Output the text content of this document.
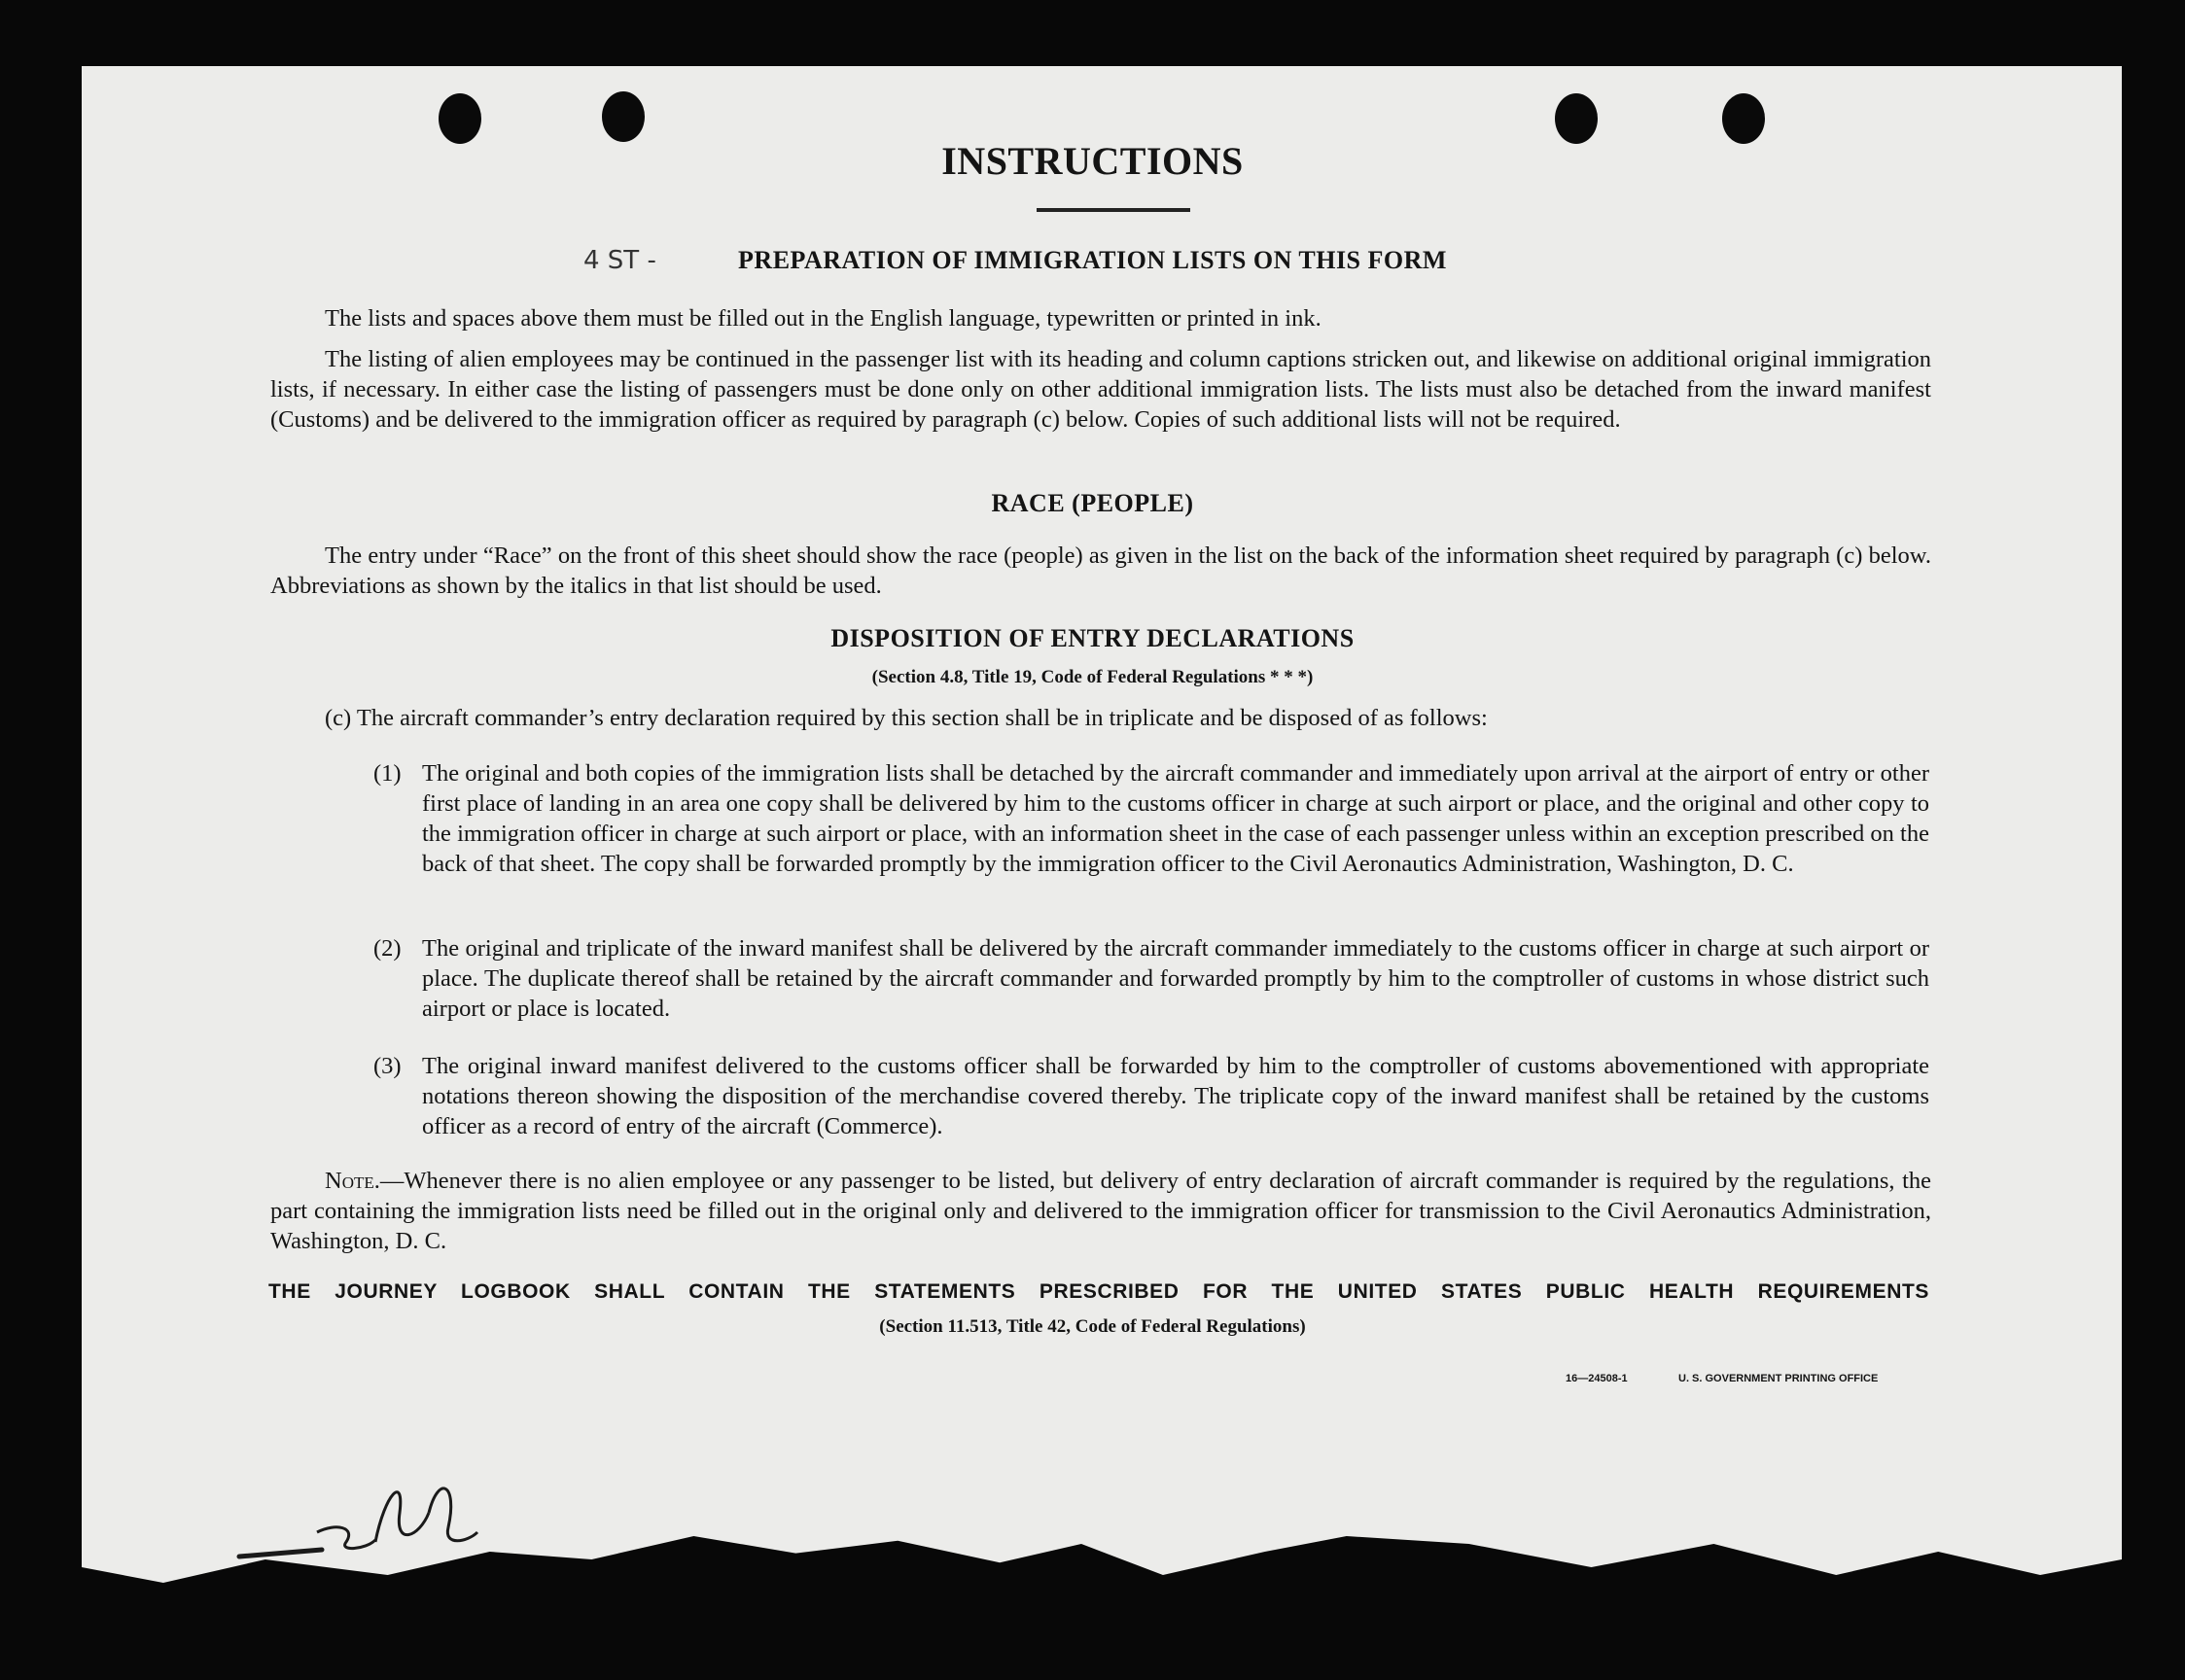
INSTRUCTIONS
4 ST -	PREPARATION OF IMMIGRATION LISTS ON THIS FORM
The lists and spaces above them must be filled out in the English language, typewritten or printed in ink.
The listing of alien employees may be continued in the passenger list with its heading and column captions stricken out, and likewise on additional original immigration lists, if necessary. In either case the listing of passengers must be done only on other additional immigration lists. The lists must also be detached from the inward manifest (Customs) and be delivered to the immigration officer as required by paragraph (c) below. Copies of such additional lists will not be required.
RACE (PEOPLE)
The entry under “Race” on the front of this sheet should show the race (people) as given in the list on the back of the information sheet required by paragraph (c) below. Abbreviations as shown by the italics in that list should be used.
DISPOSITION OF ENTRY DECLARATIONS
(Section 4.8, Title 19, Code of Federal Regulations * * *)
(c) The aircraft commander’s entry declaration required by this section shall be in triplicate and be disposed of as follows:
(1) The original and both copies of the immigration lists shall be detached by the aircraft commander and immediately upon arrival at the airport of entry or other first place of landing in an area one copy shall be delivered by him to the customs officer in charge at such airport or place, and the original and other copy to the immigration officer in charge at such airport or place, with an information sheet in the case of each passenger unless within an exception prescribed on the back of that sheet. The copy shall be forwarded promptly by the immigration officer to the Civil Aeronautics Administration, Washington, D. C.
(2) The original and triplicate of the inward manifest shall be delivered by the aircraft commander immediately to the customs officer in charge at such airport or place. The duplicate thereof shall be retained by the aircraft commander and forwarded promptly by him to the comptroller of customs in whose district such airport or place is located.
(3) The original inward manifest delivered to the customs officer shall be forwarded by him to the comptroller of customs abovementioned with appropriate notations thereon showing the disposition of the merchandise covered thereby. The triplicate copy of the inward manifest shall be retained by the customs officer as a record of entry of the aircraft (Commerce).
Note.—Whenever there is no alien employee or any passenger to be listed, but delivery of entry declaration of aircraft commander is required by the regulations, the part containing the immigration lists need be filled out in the original only and delivered to the immigration officer for transmission to the Civil Aeronautics Administration, Washington, D. C.
THE JOURNEY LOGBOOK SHALL CONTAIN THE STATEMENTS PRESCRIBED FOR THE UNITED STATES PUBLIC HEALTH REQUIREMENTS
(Section 11.513, Title 42, Code of Federal Regulations)
16—24508-1	U. S. GOVERNMENT PRINTING OFFICE
